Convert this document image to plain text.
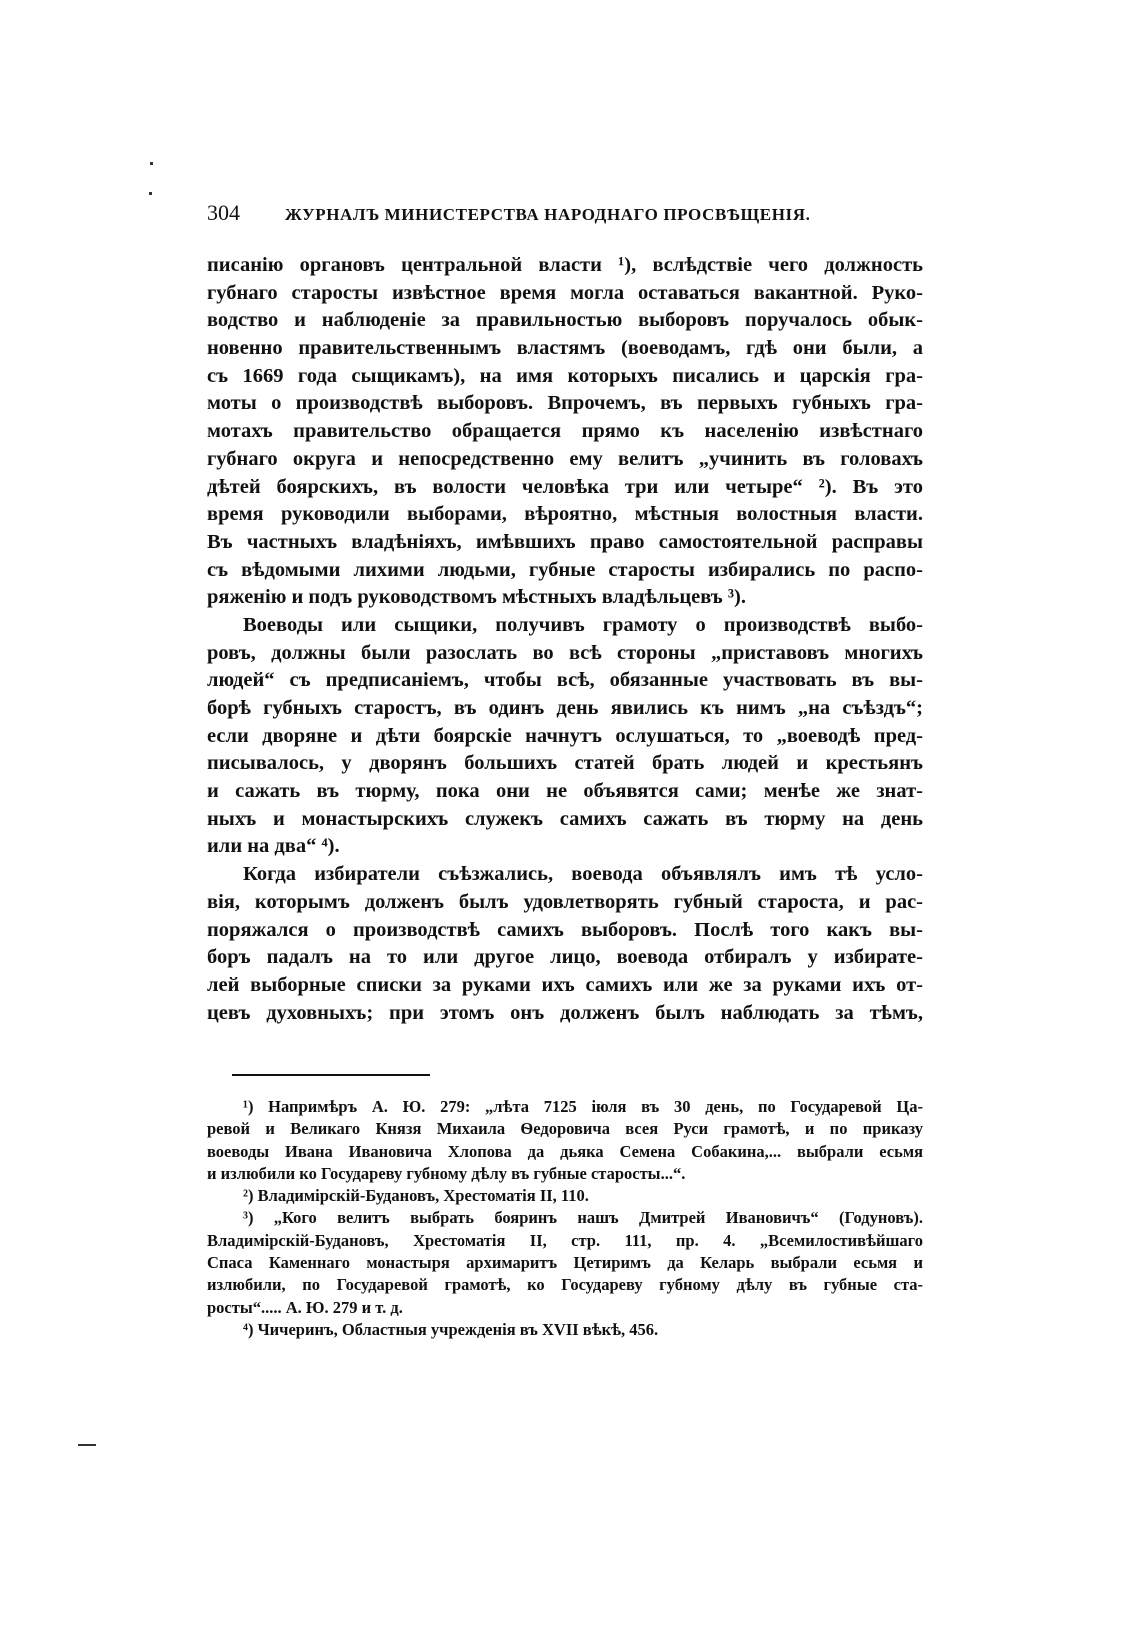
304	ЖУРНАЛЪ МИНИСТЕРСТВА НАРОДНАГО ПРОСВѢЩЕНІЯ.
писанію органовъ центральной власти ¹), вслѣдствіе чего должность
губнаго старосты извѣстное время могла оставаться вакантной. Руко-
водство и наблюденіе за правильностью выборовъ поручалось обык-
новенно правительственнымъ властямъ (воеводамъ, гдѣ они были, а
съ 1669 года сыщикамъ), на имя которыхъ писались и царскія гра-
моты о производствѣ выборовъ. Впрочемъ, въ первыхъ губныхъ гра-
мотахъ правительство обращается прямо къ населенію извѣстнаго
губнаго округа и непосредственно ему велитъ „учинить въ головахъ
дѣтей боярскихъ, въ волости человѣка три или четыре“ ²). Въ это
время руководили выборами, вѣроятно, мѣстныя волостныя власти.
Въ частныхъ владѣніяхъ, имѣвшихъ право самостоятельной расправы
съ вѣдомыми лихими людьми, губные старосты избирались по распо-
ряженію и подъ руководствомъ мѣстныхъ владѣльцевъ ³).
Воеводы или сыщики, получивъ грамоту о производствѣ выбо-
ровъ, должны были разослать во всѣ стороны „приставовъ многихъ
людей“ съ предписаніемъ, чтобы всѣ, обязанные участвовать въ вы-
борѣ губныхъ старостъ, въ одинъ день явились къ нимъ „на съѣздъ“;
если дворяне и дѣти боярскіе начнутъ ослушаться, то „воеводѣ пред-
писывалось, у дворянъ большихъ статей брать людей и крестьянъ
и сажать въ тюрму, пока они не объявятся сами; менѣе же знат-
ныхъ и монастырскихъ служекъ самихъ сажать въ тюрму на день
или на два“ ⁴).
Когда избиратели съѣзжались, воевода объявлялъ имъ тѣ усло-
вія, которымъ долженъ былъ удовлетворять губный староста, и рас-
поряжался о производствѣ самихъ выборовъ. Послѣ того какъ вы-
боръ падалъ на то или другое лицо, воевода отбиралъ у избирате-
лей выборные списки за руками ихъ самихъ или же за руками ихъ от-
цевъ духовныхъ; при этомъ онъ долженъ былъ наблюдать за тѣмъ,
¹) Напримѣръ А. Ю. 279: „лѣта 7125 іюля въ 30 день, по Государевой Ца-
ревой и Великаго Князя Михаила Ѳедоровича всея Руси грамотѣ, и по приказу
воеводы Ивана Ивановича Хлопова да дьяка Семена Собакина,... выбрали есьмя
и излюбили ко Государеву губному дѣлу въ губные старосты...“.
²) Владимірскій-Будановъ, Хрестоматія II, 110.
³) „Кого велитъ выбрать бояринъ нашъ Дмитрей Ивановичъ“ (Годуновъ).
Владимірскій-Будановъ, Хрестоматія II, стр. 111, пр. 4. „Всемилостивѣйшаго
Спаса Каменнаго монастыря архимаритъ Цетиримъ да Келарь выбрали есьмя и
излюбили, по Государевой грамотѣ, ко Государеву губному дѣлу въ губные ста-
росты“..... А. Ю. 279 и т. д.
⁴) Чичеринъ, Областныя учрежденія въ XVII вѣкѣ, 456.
